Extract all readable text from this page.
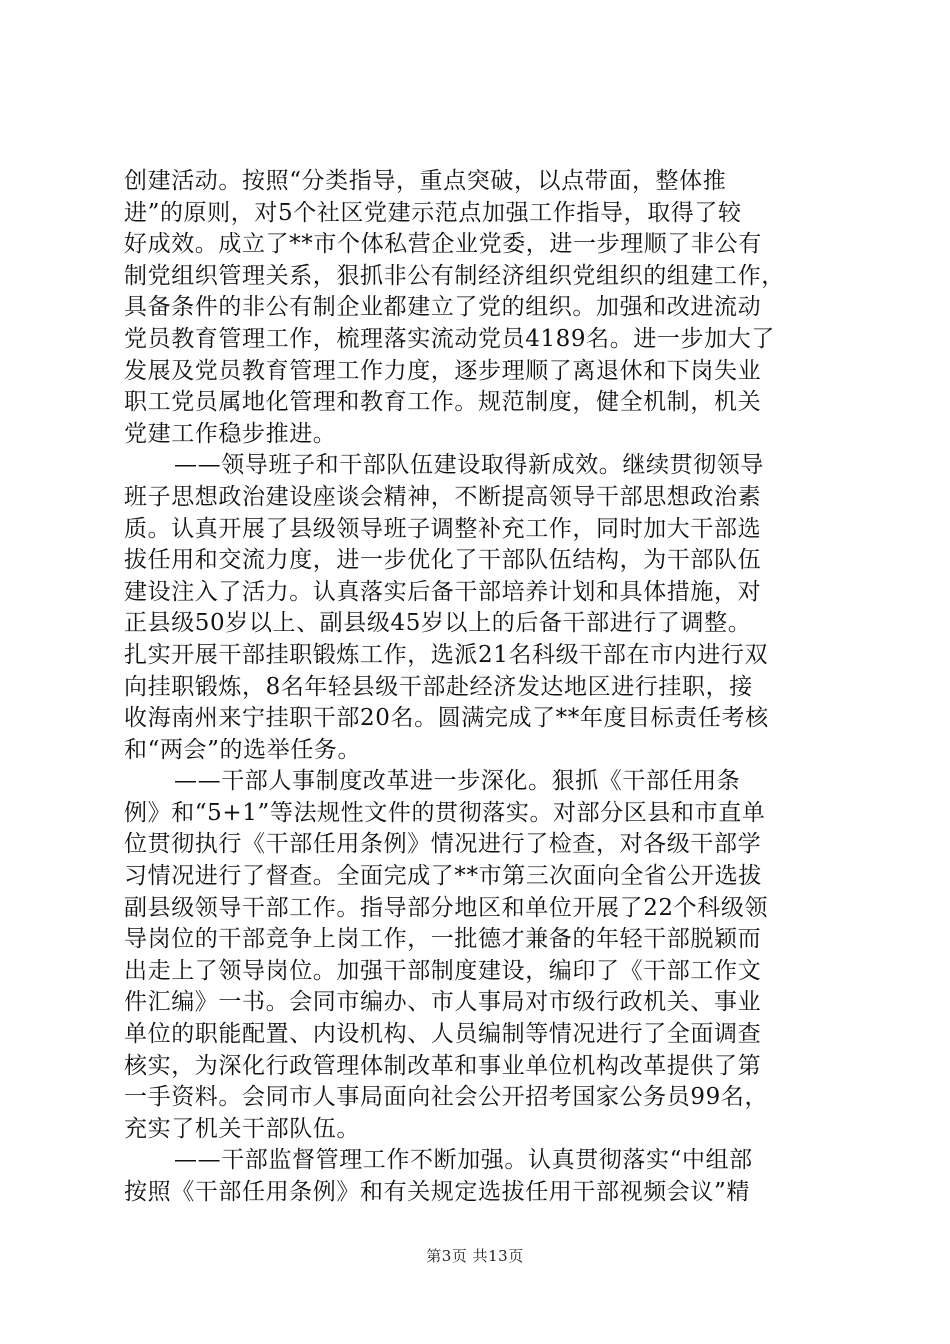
创建活动。按照“分类指导，重点突破，以点带面，整体推
进”的原则，对5个社区党建示范点加强工作指导，取得了较
好成效。成立了**市个体私营企业党委，进一步理顺了非公有
制党组织管理关系，狠抓非公有制经济组织党组织的组建工作，
具备条件的非公有制企业都建立了党的组织。加强和改进流动
党员教育管理工作，梳理落实流动党员4189名。进一步加大了
发展及党员教育管理工作力度，逐步理顺了离退休和下岗失业
职工党员属地化管理和教育工作。规范制度，健全机制，机关
党建工作稳步推进。
——领导班子和干部队伍建设取得新成效。继续贯彻领导
班子思想政治建设座谈会精神，不断提高领导干部思想政治素
质。认真开展了县级领导班子调整补充工作，同时加大干部选
拔任用和交流力度，进一步优化了干部队伍结构，为干部队伍
建设注入了活力。认真落实后备干部培养计划和具体措施，对
正县级50岁以上、副县级45岁以上的后备干部进行了调整。
扎实开展干部挂职锻炼工作，选派21名科级干部在市内进行双
向挂职锻炼，8名年轻县级干部赴经济发达地区进行挂职，接
收海南州来宁挂职干部20名。圆满完成了**年度目标责任考核
和“两会”的选举任务。
——干部人事制度改革进一步深化。狠抓《干部任用条
例》和“5+1”等法规性文件的贯彻落实。对部分区县和市直单
位贯彻执行《干部任用条例》情况进行了检查，对各级干部学
习情况进行了督查。全面完成了**市第三次面向全省公开选拔
副县级领导干部工作。指导部分地区和单位开展了22个科级领
导岗位的干部竞争上岗工作，一批德才兼备的年轻干部脱颖而
出走上了领导岗位。加强干部制度建设，编印了《干部工作文
件汇编》一书。会同市编办、市人事局对市级行政机关、事业
单位的职能配置、内设机构、人员编制等情况进行了全面调查
核实，为深化行政管理体制改革和事业单位机构改革提供了第
一手资料。会同市人事局面向社会公开招考国家公务员99名，
充实了机关干部队伍。
——干部监督管理工作不断加强。认真贯彻落实“中组部
按照《干部任用条例》和有关规定选拔任用干部视频会议”精
第3页 共13页
